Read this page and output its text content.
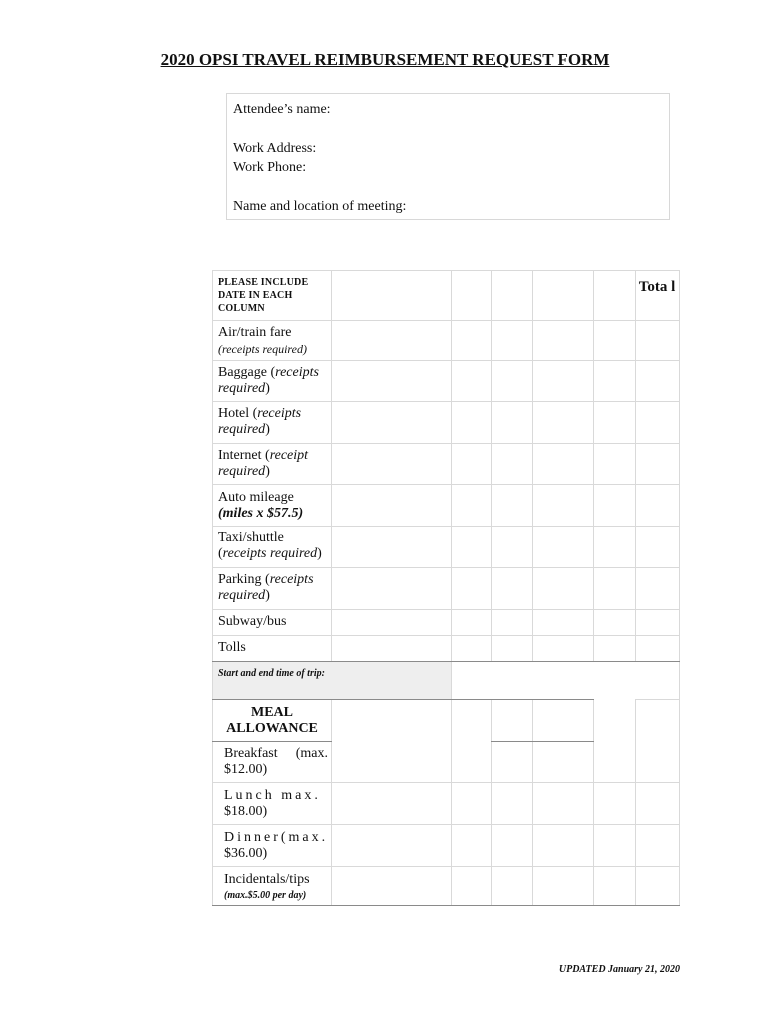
2020 OPSI TRAVEL REIMBURSEMENT REQUEST FORM
Attendee’s name:
Work Address:
Work Phone:
Name and location of meeting:
PLEASE INCLUDE DATE IN EACH COLUMN
Tota l
Air/train fare
(receipts required)
Baggage (receipts required)
Hotel (receipts required)
Internet (receipt required)
Auto mileage
(miles x $57.5)
Taxi/shuttle
(receipts required)
Parking (receipts required)
Subway/bus
Tolls
Start and end time of trip:
MEAL ALLOWANCE
Breakfast (max. $12.00)
Lunch max.
$18.00)
Dinner(max.
$36.00)
Incidentals/tips
(max.$5.00 per day)
UPDATED January 21, 2020
